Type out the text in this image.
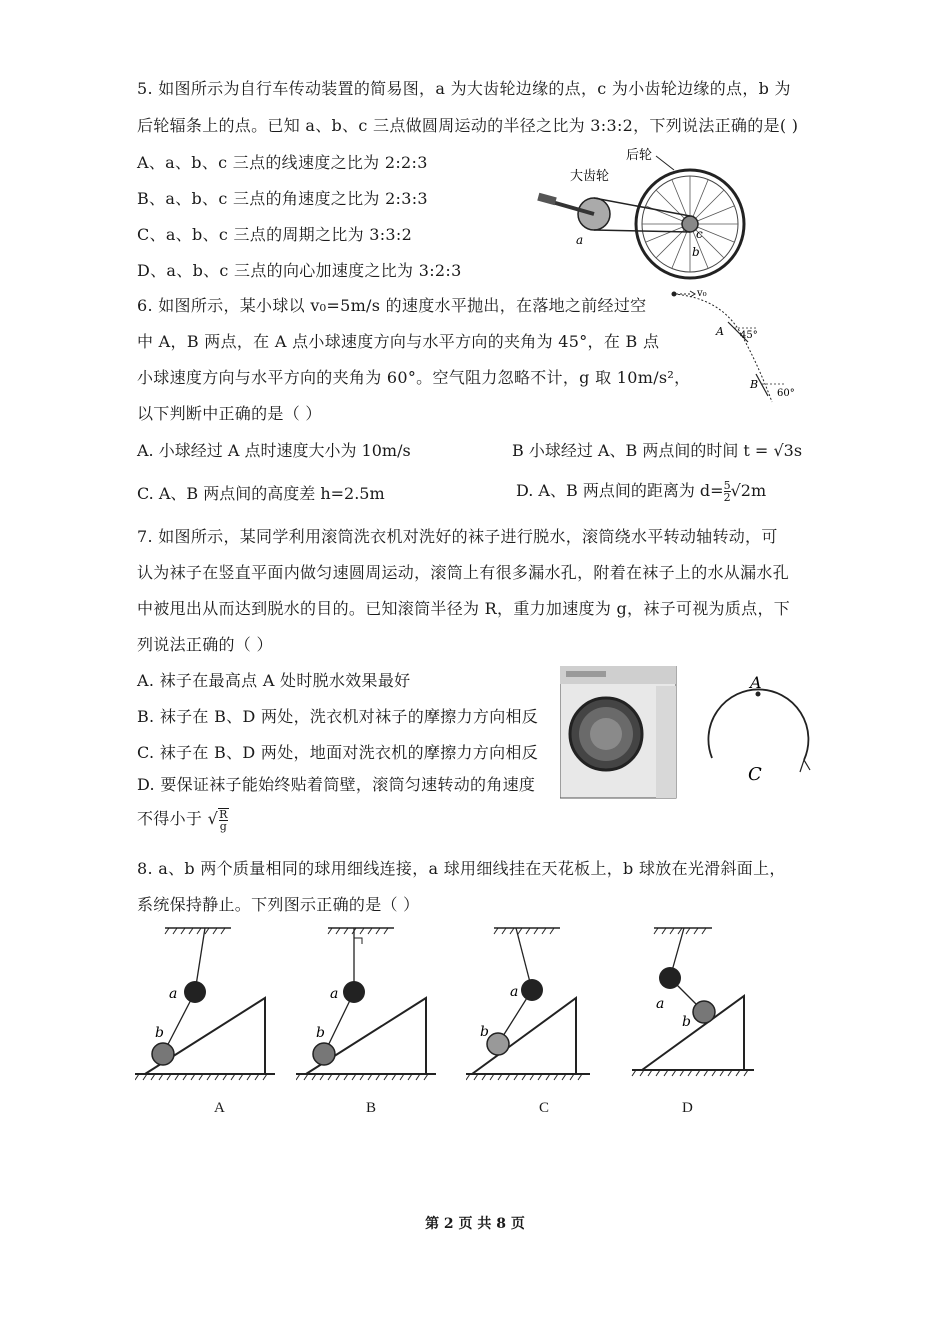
5. 如图所示为自行车传动装置的简易图，a 为大齿轮边缘的点，c 为小齿轮边缘的点，b 为
后轮辐条上的点。已知 a、b、c 三点做圆周运动的半径之比为 3:3:2，下列说法正确的是( )
A、a、b、c 三点的线速度之比为 2:2:3
B、a、b、c 三点的角速度之比为 2:3:3
C、a、b、c 三点的周期之比为 3:3:2
D、a、b、c 三点的向心加速度之比为 3:2:3
大齿轮
后轮
a
b
c
6. 如图所示，某小球以 v₀=5m/s 的速度水平抛出，在落地之前经过空
中 A，B 两点，在 A 点小球速度方向与水平方向的夹角为 45°，在 B 点
小球速度方向与水平方向的夹角为 60°。空气阻力忽略不计，g 取 10m/s²，
以下判断中正确的是（ ）
v₀
A 45°
B
60°
A. 小球经过 A 点时速度大小为 10m/s	B 小球经过 A、B 两点间的时间 t = √3s
C. A、B 两点间的高度差 h=2.5m	D. A、B 两点间的距离为 $d= \frac{5}{2} √2m$
7. 如图所示，某同学利用滚筒洗衣机对洗好的袜子进行脱水，滚筒绕水平转动轴转动，可
认为袜子在竖直平面内做匀速圆周运动，滚筒上有很多漏水孔，附着在袜子上的水从漏水孔
中被甩出从而达到脱水的目的。已知滚筒半径为 R，重力加速度为 g，袜子可视为质点，下
列说法正确的（ ）
A. 袜子在最高点 A 处时脱水效果最好
B. 袜子在 B、D 两处，洗衣机对袜子的摩擦力方向相反
C. 袜子在 B、D 两处，地面对洗衣机的摩擦力方向相反
D. 要保证袜子能始终贴着筒壁，滚筒匀速转动的角速度
不得小于 √ $\frac{R}{g}$
A
C
8. a、b 两个质量相同的球用细线连接，a 球用细线挂在天花板上，b 球放在光滑斜面上，
系统保持静止。下列图示正确的是（ ）
a
b
a
b
a
b
a
b
A	B	C	D
第 2 页 共 8 页
